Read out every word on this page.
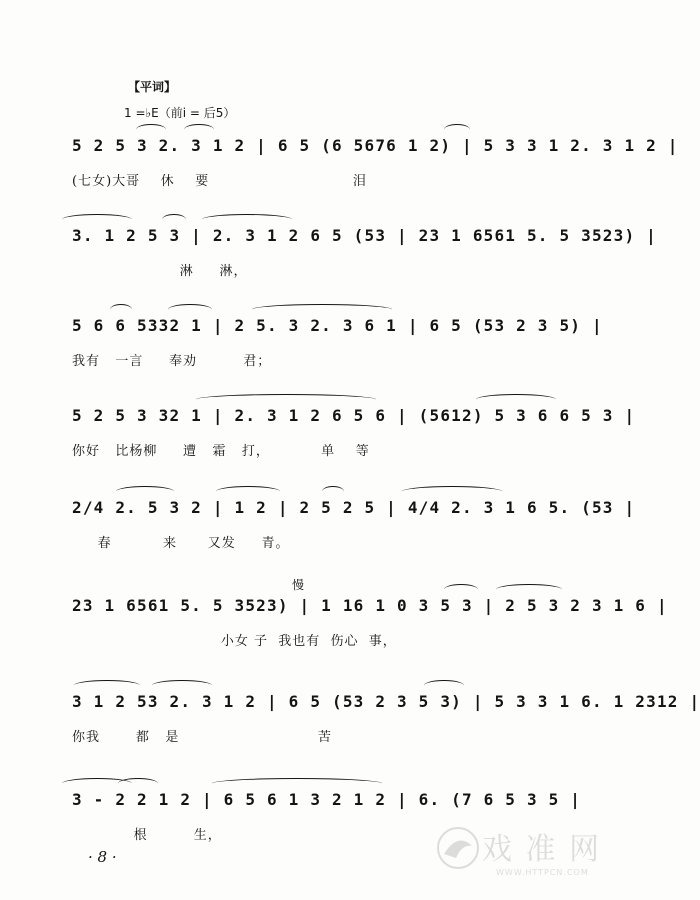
【平词】
1 =♭E（前i̇ = 后5）
5 2 5 3 2. 3 1 2 | 6 5 (6 5676 1 2) | 5 3 3 1 2. 3 1 2 |
(七女)大哥    休    要                            泪
3. 1 2 5 3 | 2. 3 1 2 6 5 (53 | 23 1 6561 5. 5 3523) |
淋     淋，
5 6 6 5332 1 | 2 5. 3 2. 3 6 1 | 6 5 (53 2 3 5) |
我有   一言     奉劝         君；
5 2 5 3 32 1 | 2. 3 1 2 6 5 6 | (5612) 5 3 6 6 5 3 |
你好   比杨柳     遭   霜   打，          单    等
2/4 2. 5 3 2 | 1 2 | 2 5 2 5 | 4/4 2. 3 1 6 5. (53 |
春          来      又发     青。
23 1 6561 5. 5 3523) | 1 16 1 0 3 5 3 | 2 5 3 2 3 1 6 |
慢
小女 子  我也有  伤心  事，
3 1 2 53 2. 3 1 2 | 6 5 (53 2 3 5 3) | 5 3 3 1 6. 1 2312 |
你我       都   是                           苦
3 - 2 2 1 2 | 6 5 6 1 3 2 1 2 | 6. (7 6 5 3 5 |
根         生，
· 8 ·	戏 准 网
WWW.HTTPCN.COM
